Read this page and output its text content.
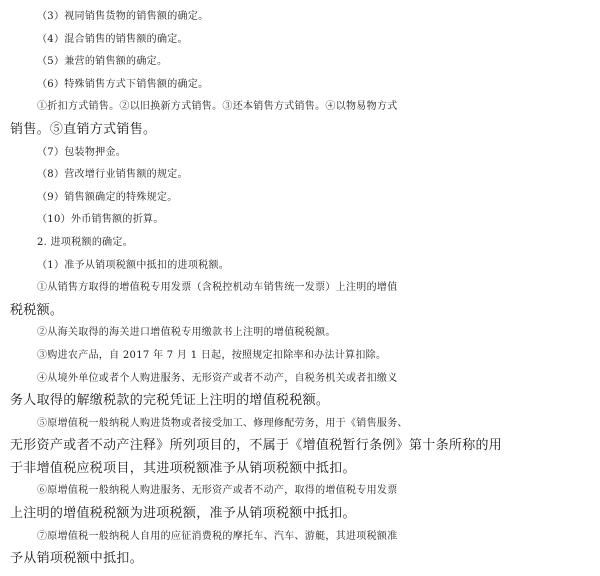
（3）视同销售货物的销售额的确定。

（4）混合销售的销售额的确定。

（5）兼营的销售额的确定。

（6）特殊销售方式下销售额的确定。

①折扣方式销售。②以旧换新方式销售。③还本销售方式销售。④以物易物方式

销售。⑤直销方式销售。

（7）包装物押金。

（8）营改增行业销售额的规定。

（9）销售额确定的特殊规定。

（10）外币销售额的折算。

2. 进项税额的确定。

（1）准予从销项税额中抵扣的进项税额。

①从销售方取得的增值税专用发票（含税控机动车销售统一发票）上注明的增值

税税额。

②从海关取得的海关进口增值税专用缴款书上注明的增值税税额。

③购进农产品，自 2017 年 7 月 1 日起，按照规定扣除率和办法计算扣除。

④从境外单位或者个人购进服务、无形资产或者不动产，自税务机关或者扣缴义

务人取得的解缴税款的完税凭证上注明的增值税税额。

⑤原增值税一般纳税人购进货物或者接受加工、修理修配劳务，用于《销售服务、

无形资产或者不动产注释》所列项目的，不属于《增值税暂行条例》第十条所称的用

于非增值税应税项目，其进项税额准予从销项税额中抵扣。

⑥原增值税一般纳税人购进服务、无形资产或者不动产，取得的增值税专用发票

上注明的增值税税额为进项税额，准予从销项税额中抵扣。

⑦原增值税一般纳税人自用的应征消费税的摩托车、汽车、游艇，其进项税额准

予从销项税额中抵扣。
